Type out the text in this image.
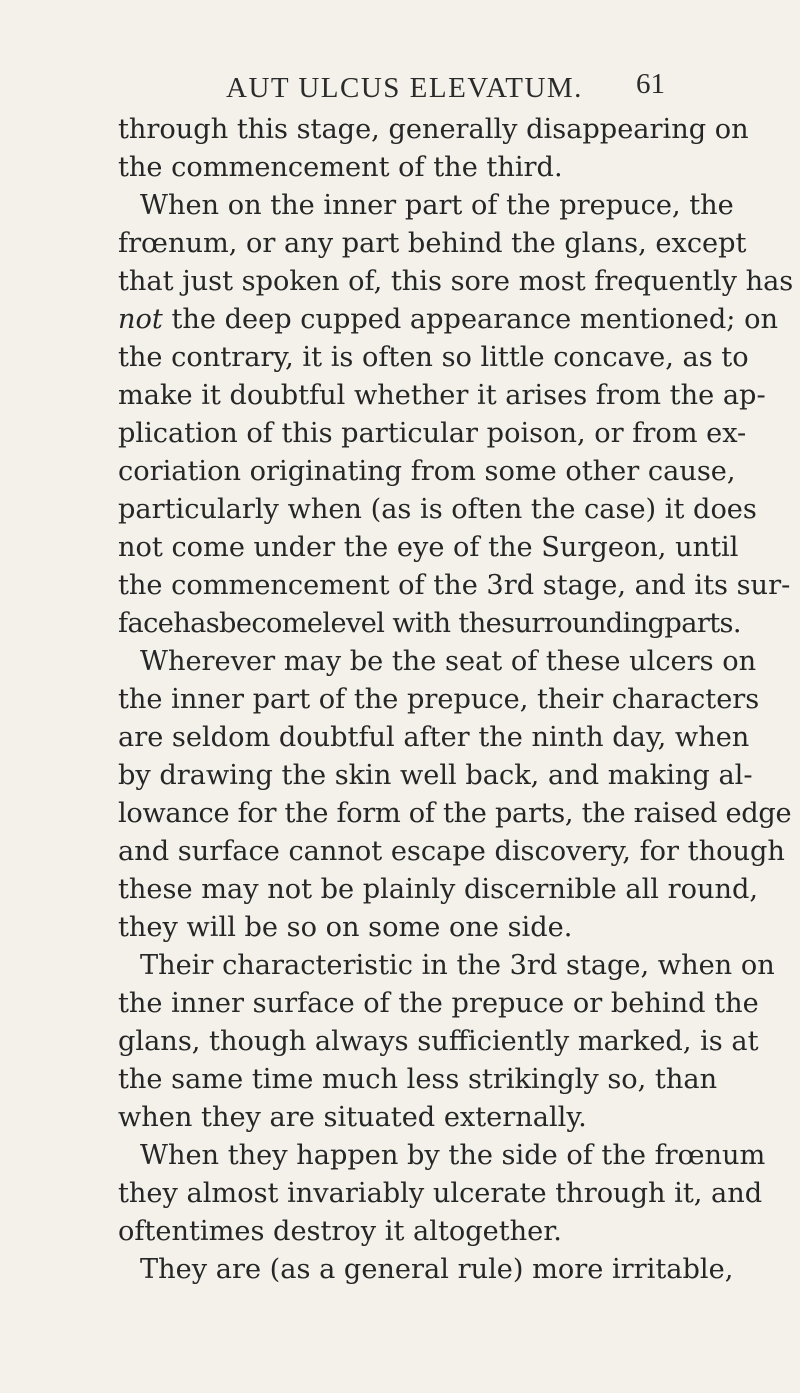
AUT ULCUS ELEVATUM. 61
through this stage, generally disappearing on
the commencement of the third.
When on the inner part of the prepuce, the
frœnum, or any part behind the glans, except
that just spoken of, this sore most frequently has
not the deep cupped appearance mentioned; on
the contrary, it is often so little concave, as to
make it doubtful whether it arises from the ap-
plication of this particular poison, or from ex-
coriation originating from some other cause,
particularly when (as is often the case) it does
not come under the eye of the Surgeon, until
the commencement of the 3rd stage, and its sur-
facehasbecomelevel with thesurroundingparts.
Wherever may be the seat of these ulcers on
the inner part of the prepuce, their characters
are seldom doubtful after the ninth day, when
by drawing the skin well back, and making al-
lowance for the form of the parts, the raised edge
and surface cannot escape discovery, for though
these may not be plainly discernible all round,
they will be so on some one side.
Their characteristic in the 3rd stage, when on
the inner surface of the prepuce or behind the
glans, though always sufficiently marked, is at
the same time much less strikingly so, than
when they are situated externally.
When they happen by the side of the frœnum
they almost invariably ulcerate through it, and
oftentimes destroy it altogether.
They are (as a general rule) more irritable,
